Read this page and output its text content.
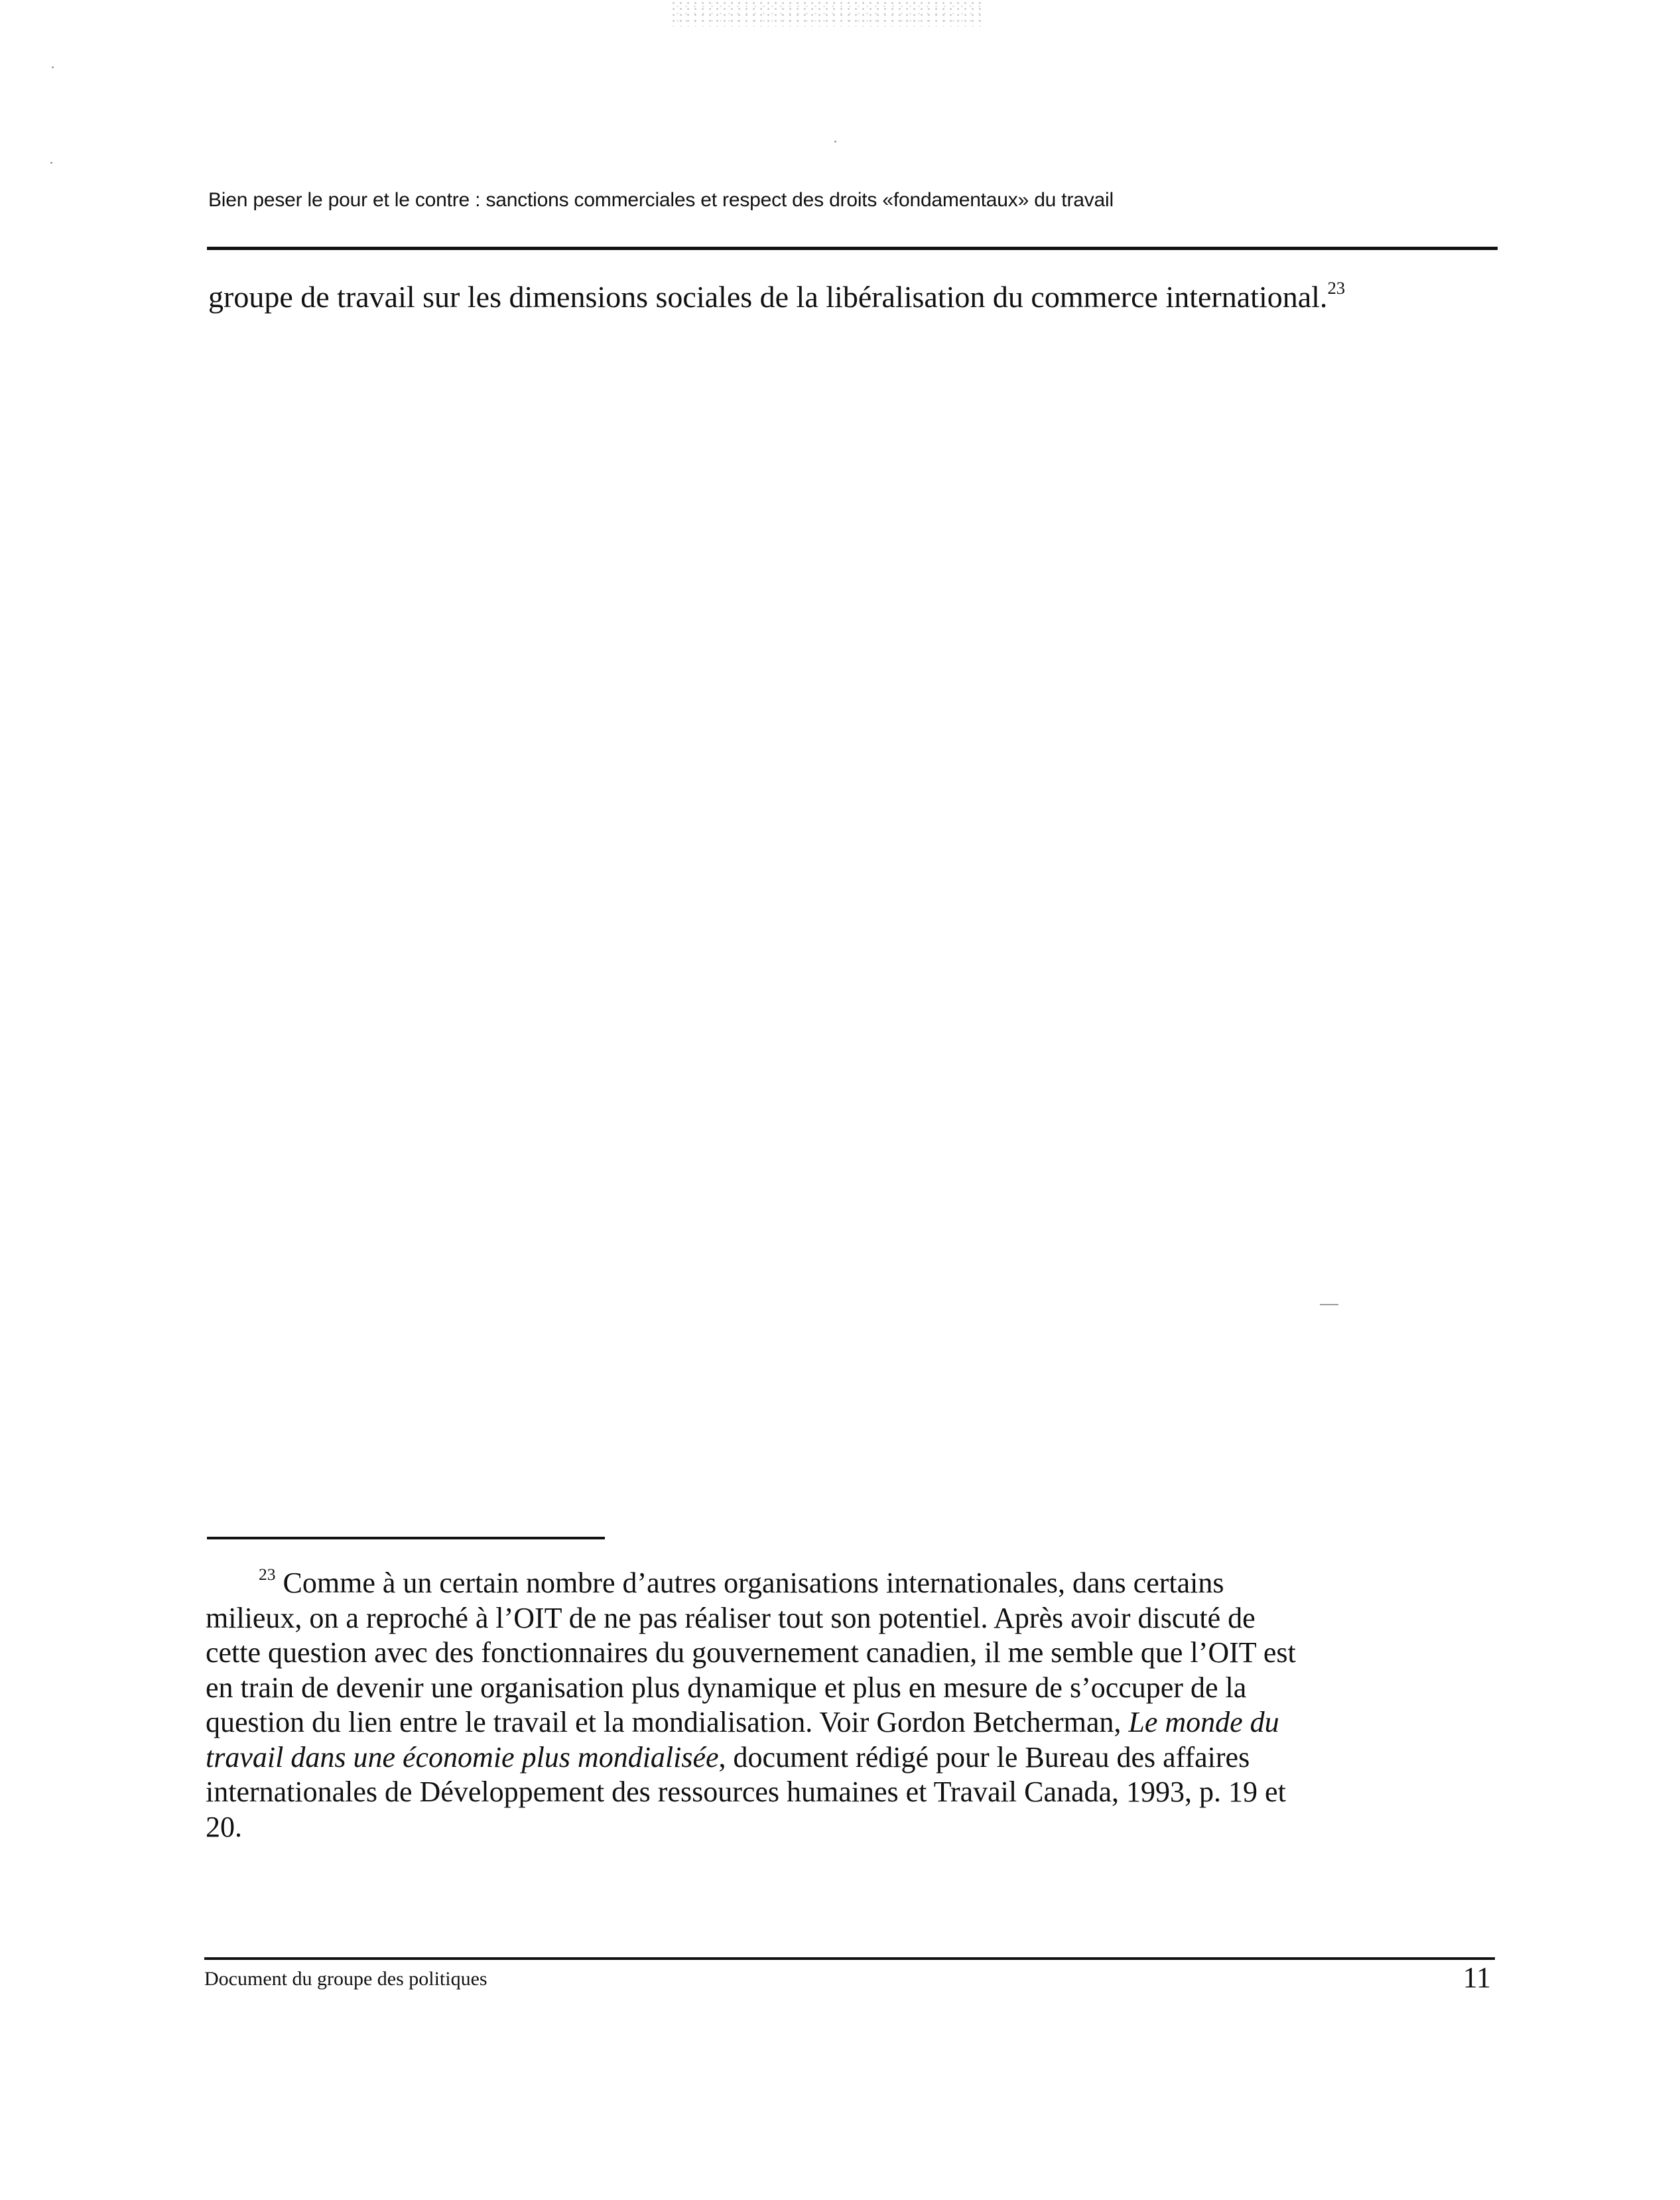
Bien peser le pour et le contre : sanctions commerciales et respect des droits «fondamentaux» du travail
groupe de travail sur les dimensions sociales de la libéralisation du commerce international.$^{23}$
$^{23}$ Comme à un certain nombre d’autres organisations internationales, dans certains
milieux, on a reproché à l’OIT de ne pas réaliser tout son potentiel. Après avoir discuté de
cette question avec des fonctionnaires du gouvernement canadien, il me semble que l’OIT est
en train de devenir une organisation plus dynamique et plus en mesure de s’occuper de la
question du lien entre le travail et la mondialisation. Voir Gordon Betcherman, Le monde du
travail dans une économie plus mondialisée, document rédigé pour le Bureau des affaires
internationales de Développement des ressources humaines et Travail Canada, 1993, p. 19 et
20.
Document du groupe des politiques	11
